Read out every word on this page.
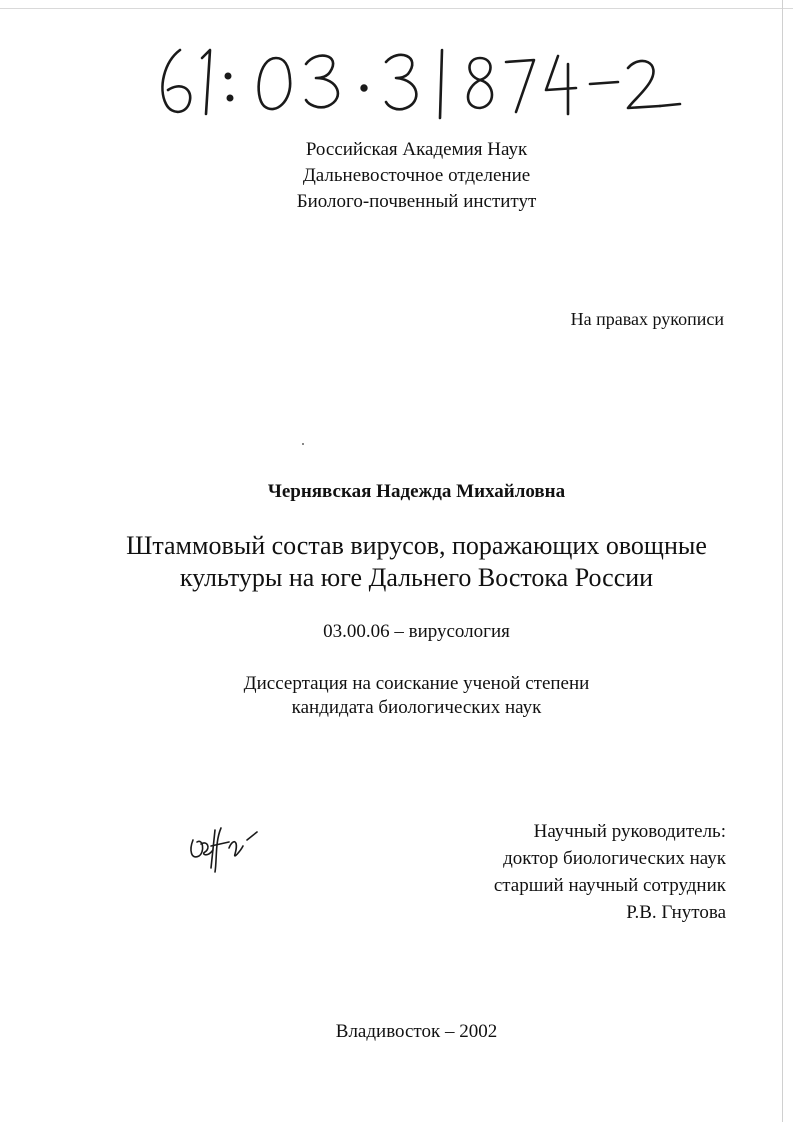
Российская Академия Наук
Дальневосточное отделение
Биолого-почвенный институт
На правах рукописи
Чернявская Надежда Михайловна
Штаммовый состав вирусов, поражающих овощные
культуры на юге Дальнего Востока России
03.00.06 – вирусология
Диссертация на соискание ученой степени
кандидата биологических наук
Научный руководитель:
доктор биологических наук
старший научный сотрудник
Р.В. Гнутова
Владивосток – 2002
